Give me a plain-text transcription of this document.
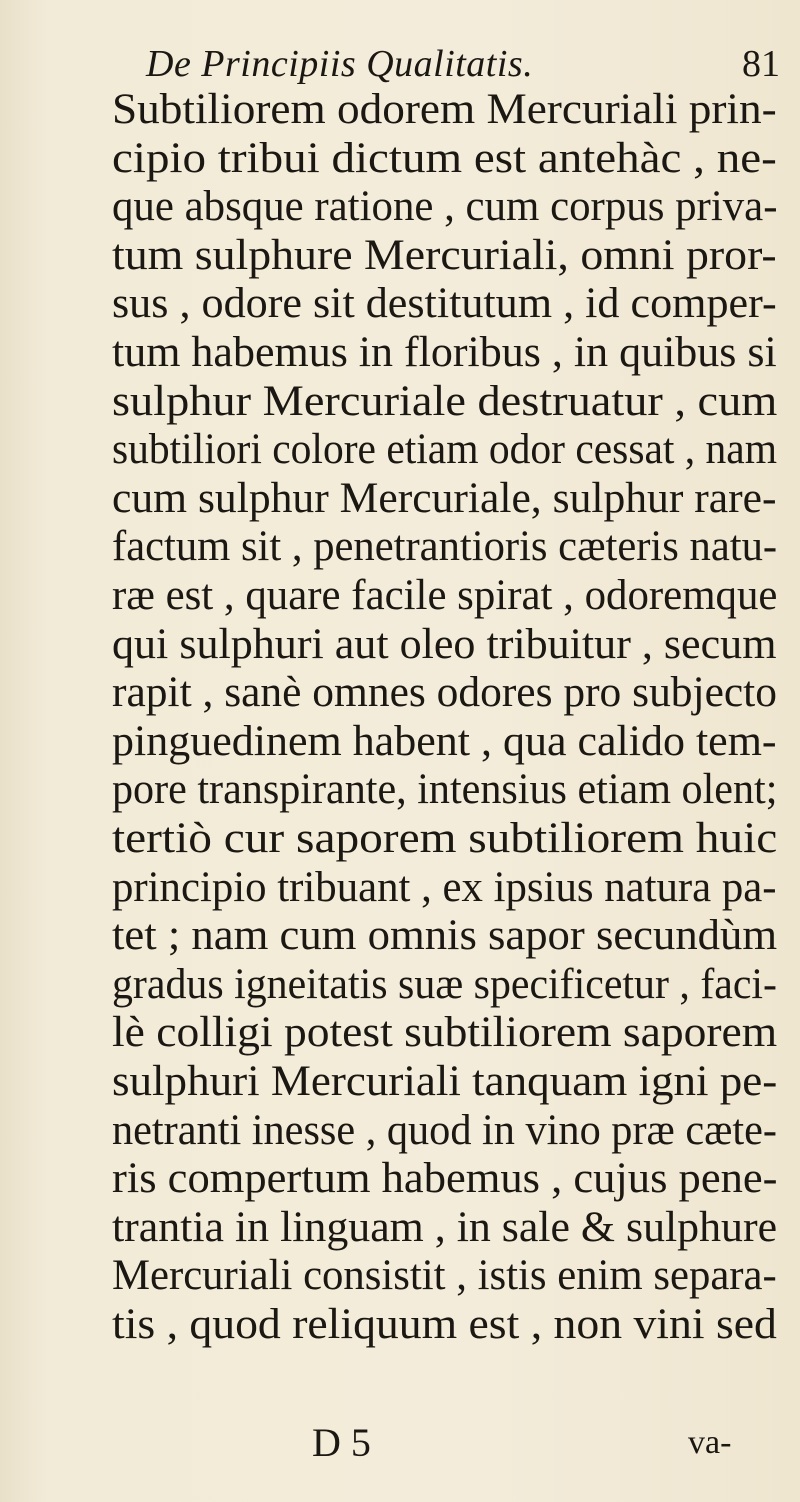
De Principiis Qualitatis.	81
Subtiliorem odorem Mercuriali prin-
cipio tribui dictum est antehàc , ne-
que absque ratione , cum corpus priva-
tum sulphure Mercuriali, omni pror-
sus , odore sit destitutum , id comper-
tum habemus in floribus , in quibus si
sulphur Mercuriale destruatur , cum
subtiliori colore etiam odor cessat , nam
cum sulphur Mercuriale, sulphur rare-
factum sit , penetrantioris cæteris natu-
ræ est , quare facile spirat , odoremque
qui sulphuri aut oleo tribuitur , secum
rapit , sanè omnes odores pro subjecto
pinguedinem habent , qua calido tem-
pore transpirante, intensius etiam olent;
tertiò cur saporem subtiliorem huic
principio tribuant , ex ipsius natura pa-
tet ; nam cum omnis sapor secundùm
gradus igneitatis suæ specificetur , faci-
lè colligi potest subtiliorem saporem
sulphuri Mercuriali tanquam igni pe-
netranti inesse , quod in vino præ cæte-
ris compertum habemus , cujus pene-
trantia in linguam , in sale & sulphure
Mercuriali consistit , istis enim separa-
tis , quod reliquum est , non vini sed
D 5	va-
